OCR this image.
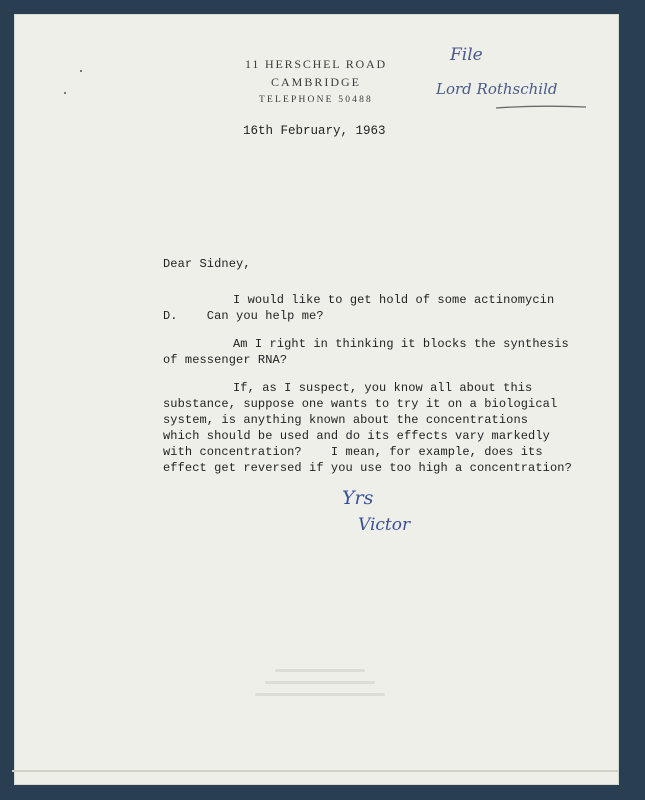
11 HERSCHEL ROAD
CAMBRIDGE
TELEPHONE 50488
16th February, 1963
File
Lord Rothschild
Dear Sidney,
I would like to get hold of some actinomycin
D.    Can you help me?
Am I right in thinking it blocks the synthesis
of messenger RNA?
If, as I suspect, you know all about this
substance, suppose one wants to try it on a biological
system, is anything known about the concentrations
which should be used and do its effects vary markedly
with concentration?    I mean, for example, does its
effect get reversed if you use too high a concentration?
Yrs
Victor
